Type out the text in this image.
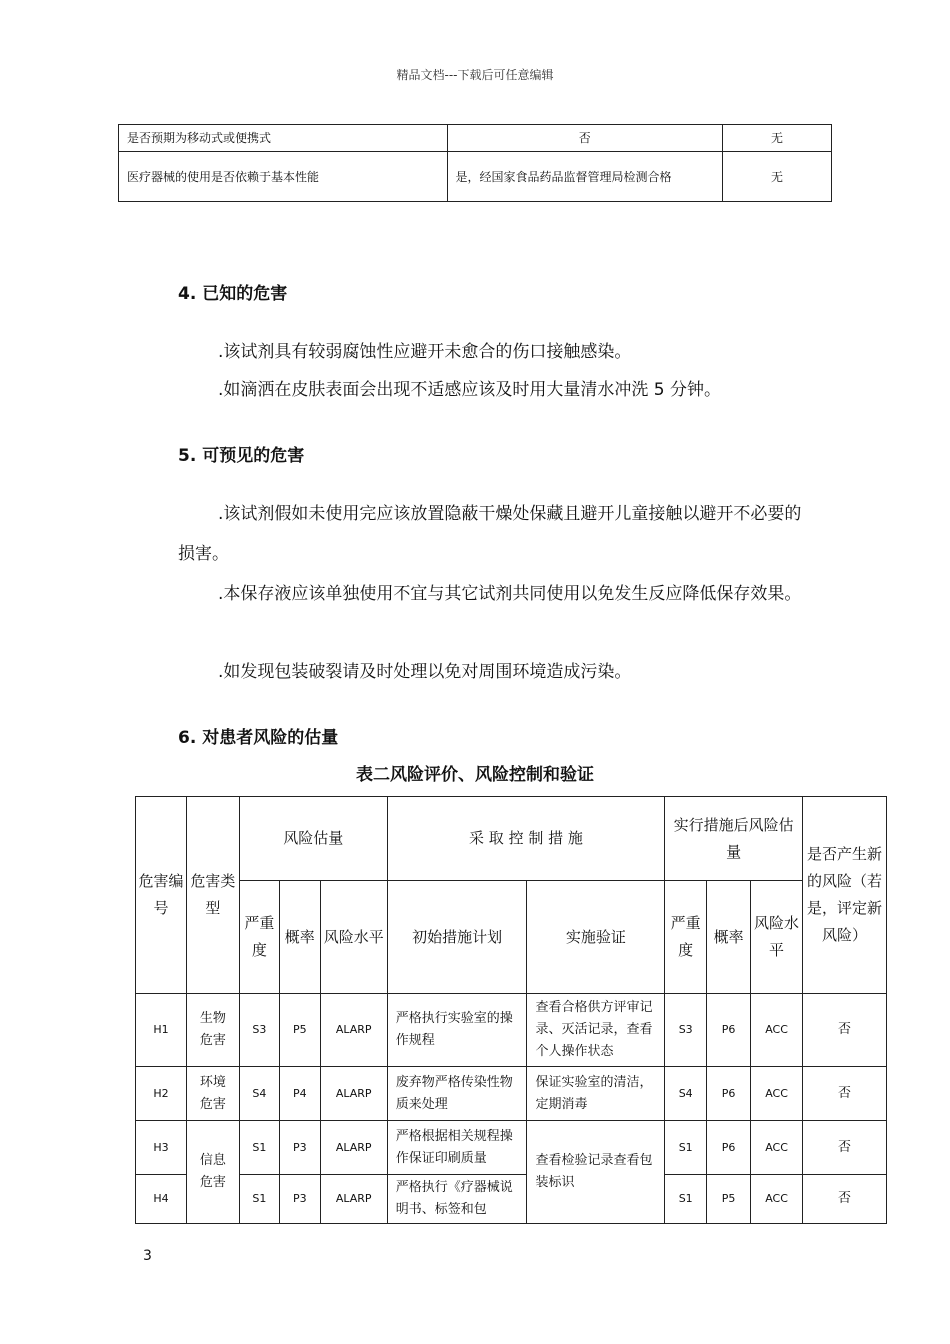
精品文档---下载后可任意编辑
是否预期为移动式或便携式	否	无
医疗器械的使用是否依赖于基本性能	是，经国家食品药品监督管理局检测合格	无
4. 已知的危害
.该试剂具有较弱腐蚀性应避开未愈合的伤口接触感染。
.如滴洒在皮肤表面会出现不适感应该及时用大量清水冲洗 5 分钟。
5. 可预见的危害
.该试剂假如未使用完应该放置隐蔽干燥处保藏且避开儿童接触以避开不必要的损害。
.本保存液应该单独使用不宜与其它试剂共同使用以免发生反应降低保存效果。
.如发现包装破裂请及时处理以免对周围环境造成污染。
6. 对患者风险的估量
表二风险评价、风险控制和验证
危害编号	危害类型	风险估量			采 取 控 制 措 施		实行措施后风险估量			是否产生新的风险（若是，评定新风险）
		严重度	概率	风险水平	初始措施计划	实施验证	严重度	概率	风险水平	
H1	生物危害	S3	P5	ALARP	严格执行实验室的操作规程	查看合格供方评审记录、灭活记录，查看个人操作状态	S3	P6	ACC	否
H2	环境危害	S4	P4	ALARP	废弃物严格传染性物质来处理	保证实验室的清洁，定期消毒	S4	P6	ACC	否
H3	信息危害	S1	P3	ALARP	严格根据相关规程操作保证印刷质量	查看检验记录查看包装标识	S1	P6	ACC	否
H4		S1	P3	ALARP	严格执行《疗器械说明书、标签和包		S1	P5	ACC	否
3
